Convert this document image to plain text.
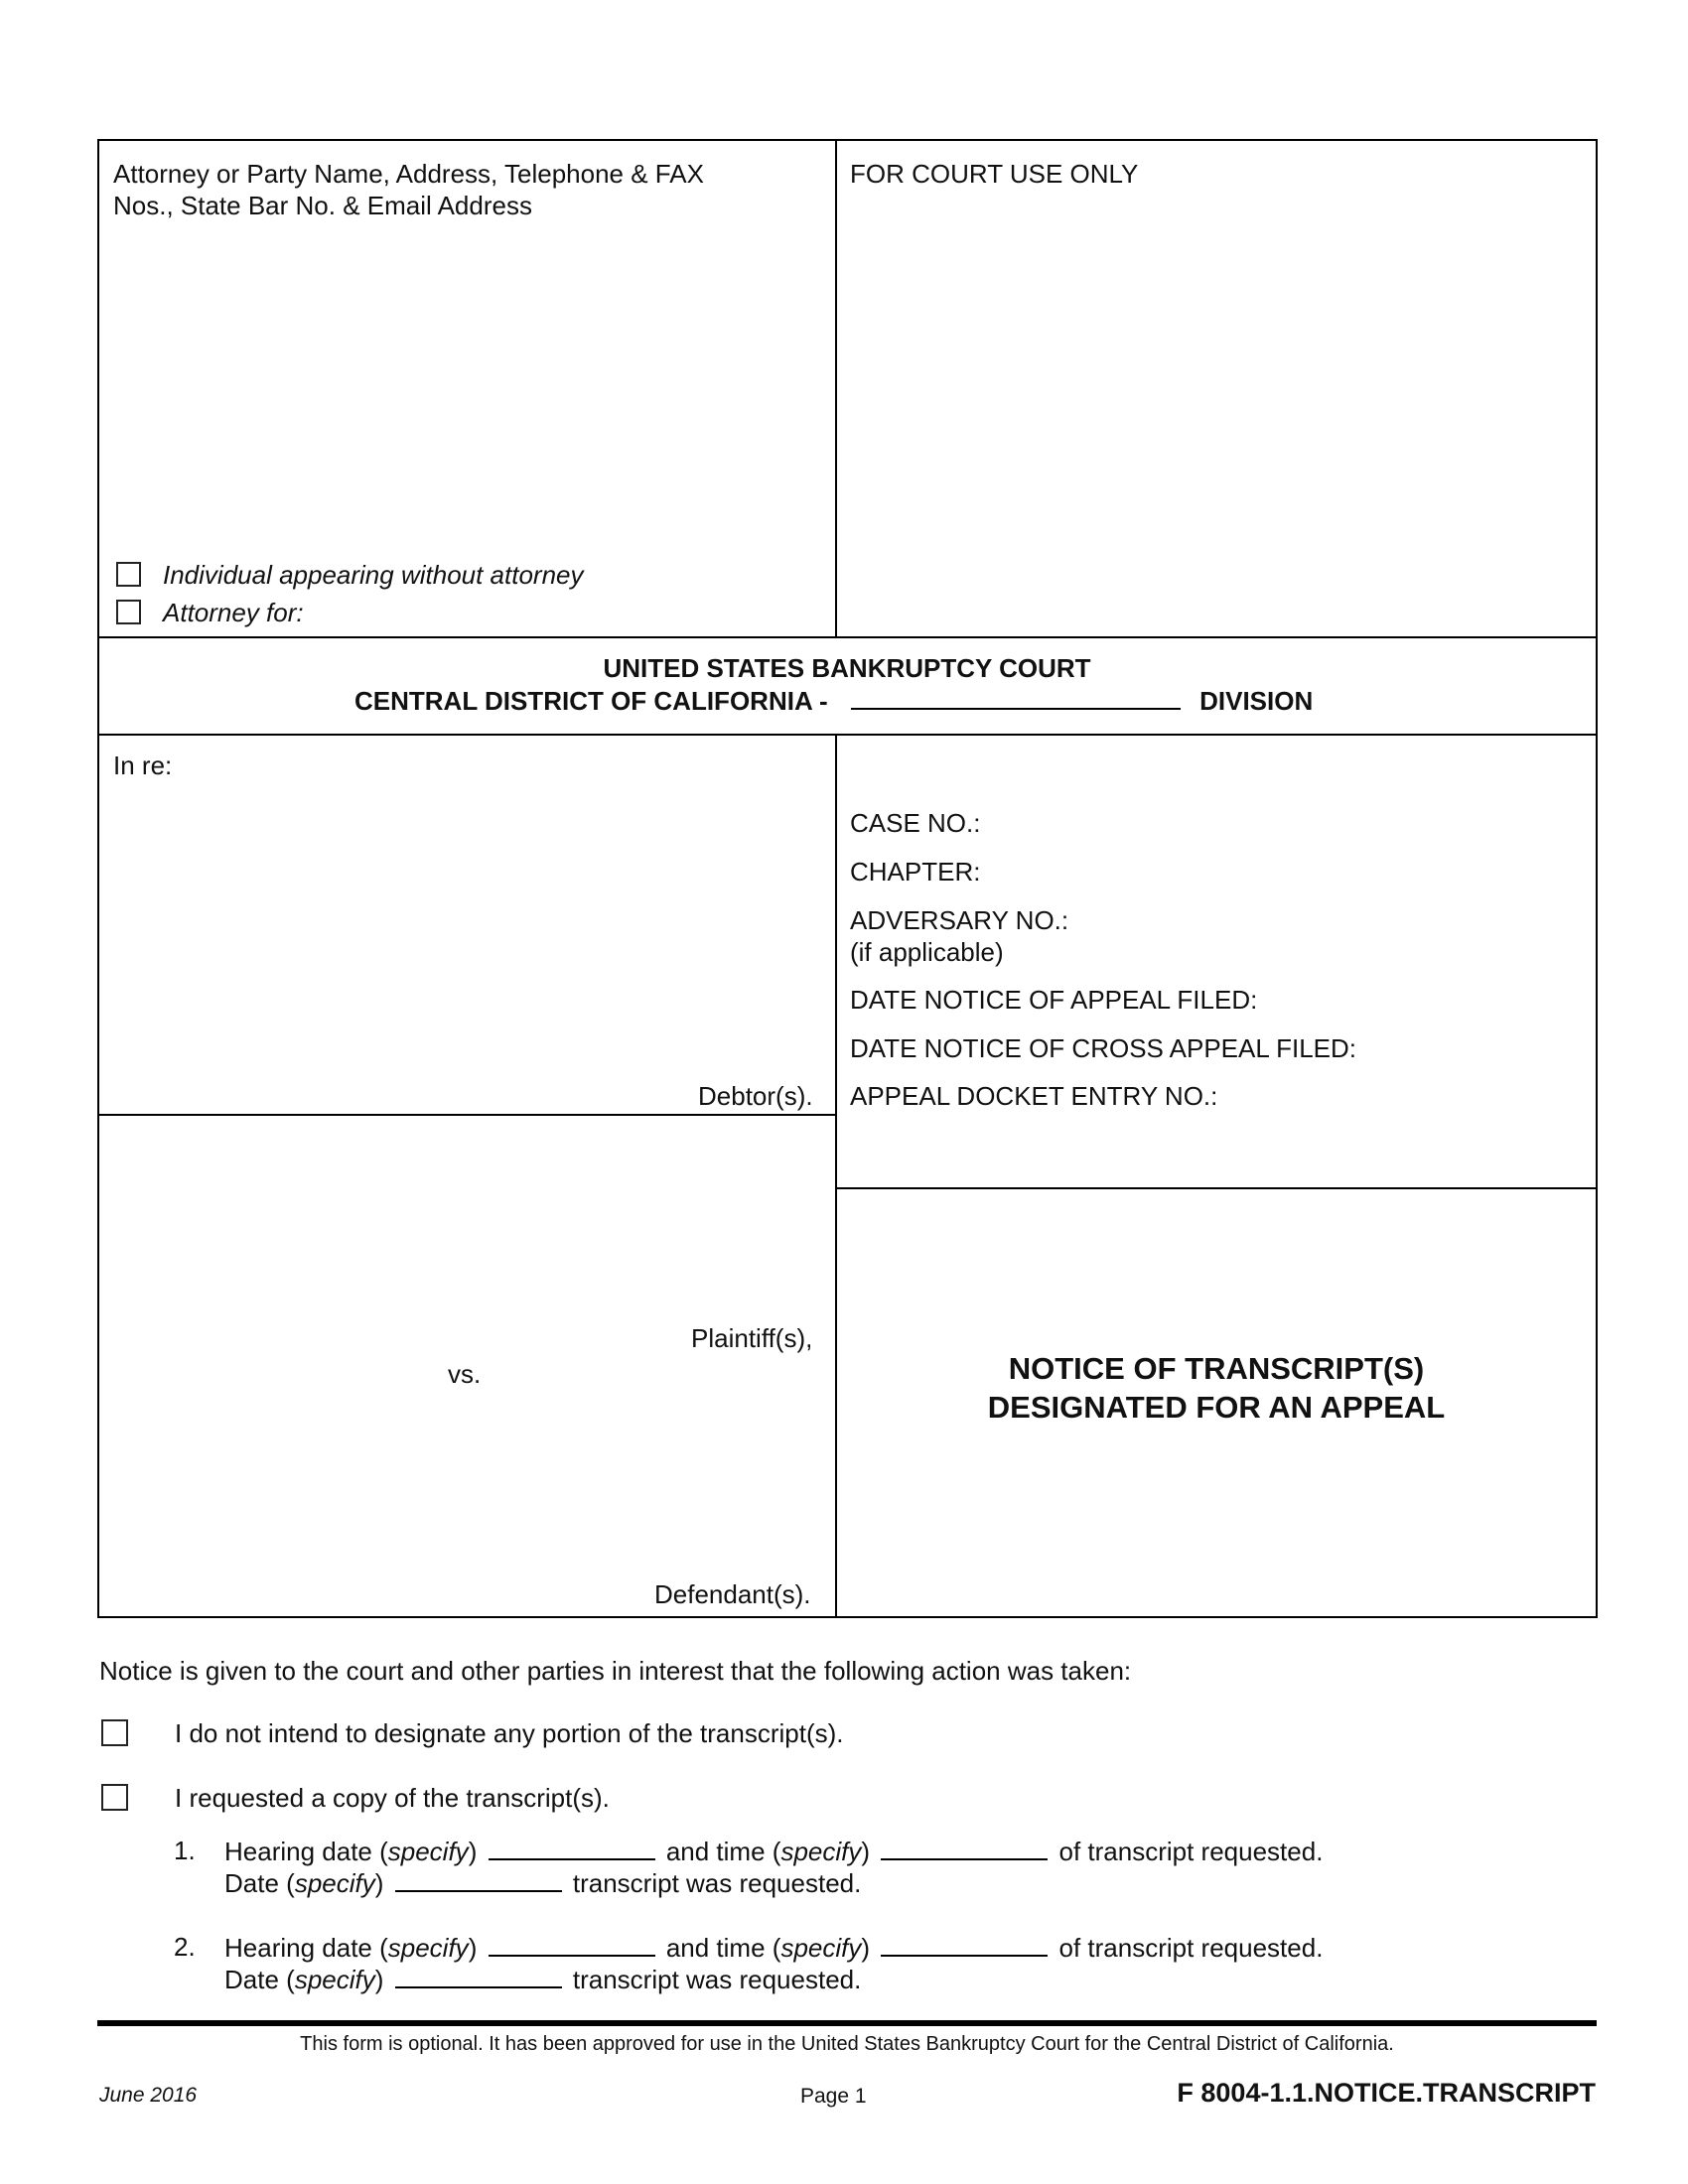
Attorney or Party Name, Address, Telephone & FAX
Nos., State Bar No. & Email Address
Individual appearing without attorney
Attorney for:
FOR COURT USE ONLY
UNITED STATES BANKRUPTCY COURT
CENTRAL DISTRICT OF CALIFORNIA -	DIVISION
In re:
Debtor(s).
Plaintiff(s),
vs.
Defendant(s).
CASE NO.:
CHAPTER:
ADVERSARY NO.:
(if applicable)
DATE NOTICE OF APPEAL FILED:
DATE NOTICE OF CROSS APPEAL FILED:
APPEAL DOCKET ENTRY NO.:
NOTICE OF TRANSCRIPT(S)
DESIGNATED FOR AN APPEAL
Notice is given to the court and other parties in interest that the following action was taken:
I do not intend to designate any portion of the transcript(s).
I requested a copy of the transcript(s).
1. Hearing date (specify)	and time (specify)	of transcript requested.
Date (specify)	transcript was requested.
2. Hearing date (specify)	and time (specify)	of transcript requested.
Date (specify)	transcript was requested.
This form is optional. It has been approved for use in the United States Bankruptcy Court for the Central District of California.
June 2016	Page 1	F 8004-1.1.NOTICE.TRANSCRIPT
